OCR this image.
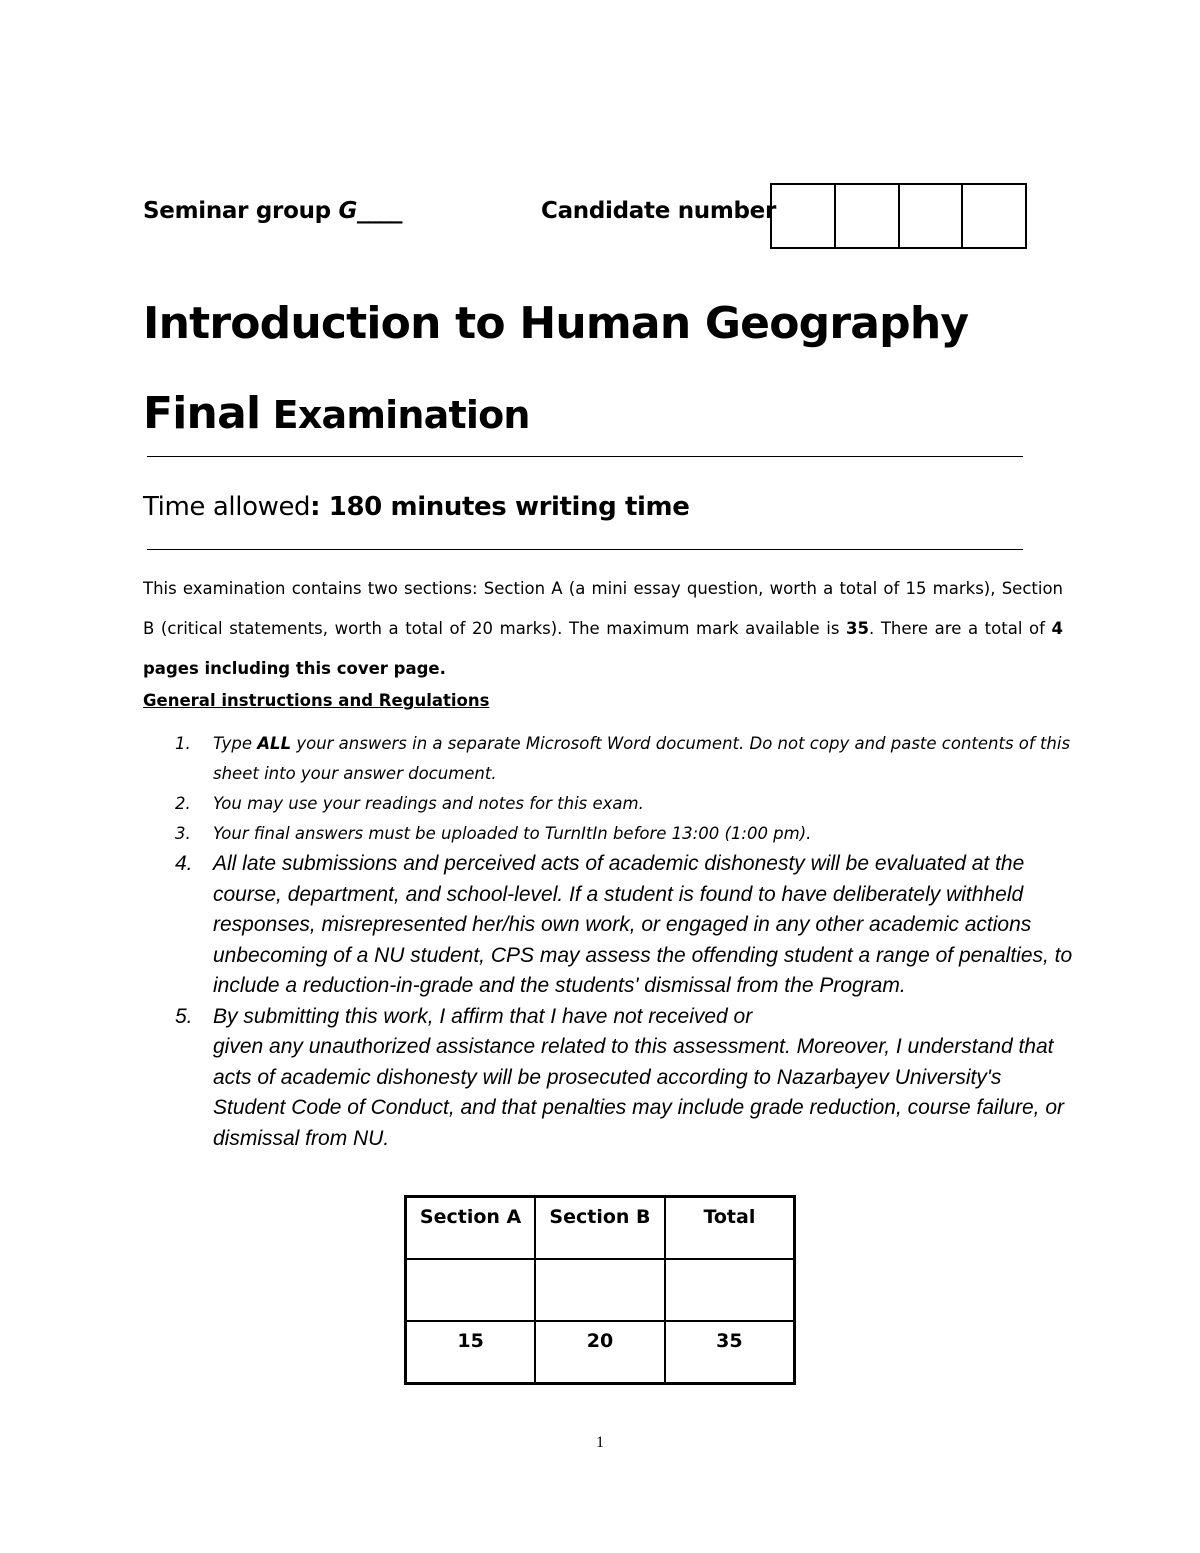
Seminar group G____	Candidate number
Introduction to Human Geography
Final Examination
Time allowed: 180 minutes writing time
This examination contains two sections: Section A (a mini essay question, worth a total of 15 marks), Section B (critical statements, worth a total of 20 marks). The maximum mark available is 35. There are a total of 4 pages including this cover page.
General instructions and Regulations
1. Type ALL your answers in a separate Microsoft Word document. Do not copy and paste contents of this sheet into your answer document.
2. You may use your readings and notes for this exam.
3. Your final answers must be uploaded to TurnItIn before 13:00 (1:00 pm).
4. All late submissions and perceived acts of academic dishonesty will be evaluated at the course, department, and school-level. If a student is found to have deliberately withheld responses, misrepresented her/his own work, or engaged in any other academic actions unbecoming of a NU student, CPS may assess the offending student a range of penalties, to include a reduction-in-grade and the students' dismissal from the Program.
5. By submitting this work, I affirm that I have not received or
given any unauthorized assistance related to this assessment. Moreover, I understand that acts of academic dishonesty will be prosecuted according to Nazarbayev University's Student Code of Conduct, and that penalties may include grade reduction, course failure, or dismissal from NU.
Section A	Section B	Total

15	20	35
1
